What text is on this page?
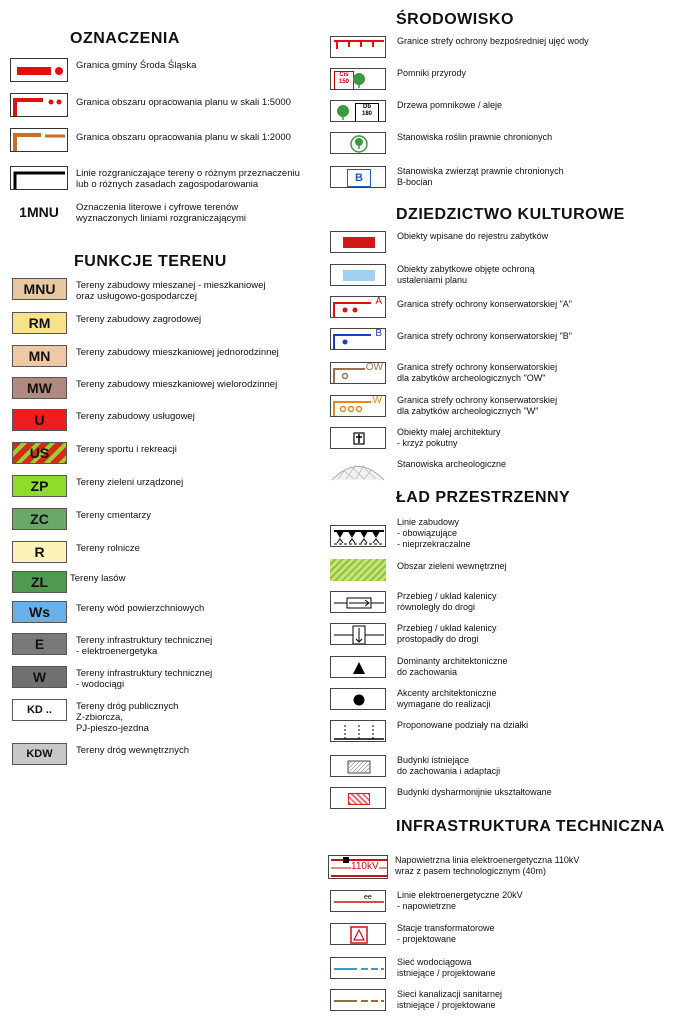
OZNACZENIA
Granica gminy Środa Śląska
Granica obszaru opracowania planu w skali 1:5000
Granica obszaru opracowania planu w skali 1:2000
Linie rozgraniczające tereny o różnym przeznaczeniu
lub o różnych zasadach zagospodarowania
1MNU	Oznaczenia literowe i cyfrowe terenów
wyznaczonych liniami rozgraniczającymi
FUNKCJE TERENU
MNU	Tereny zabudowy mieszanej - mieszkaniowej
oraz usługowo-gospodarczej
RM	Tereny zabudowy zagrodowej
MN	Tereny zabudowy mieszkaniowej jednorodzinnej
MW	Tereny zabudowy mieszkaniowej wielorodzinnej
U	Tereny zabudowy usługowej
US	Tereny sportu i rekreacji
ZP	Tereny zieleni urządzonej
ZC	Tereny cmentarzy
R	Tereny rolnicze
ZL	Tereny lasów
Ws	Tereny wód powierzchniowych
E	Tereny infrastruktury technicznej
- elektroenergetyka
W	Tereny infrastruktury technicznej
- wodociągi
KD ..	Tereny dróg publicznych
Z-zbiorcza,
PJ-pieszo-jezdna
KDW	Tereny dróg wewnętrznych
ŚRODOWISKO
Granice strefy ochrony bezpośredniej ujęć wody
Cis
150
Pomniki przyrody
Db
180
Drzewa pomnikowe / aleje
Stanowiska roślin prawnie chronionych
B
Stanowiska zwierząt prawnie chronionych
B-bocian
DZIEDZICTWO KULTUROWE
Obiekty wpisane do rejestru zabytków
Obiekty zabytkowe objęte ochroną
ustaleniami planu
A Granica strefy ochrony konserwatorskiej "A"
B Granica strefy ochrony konserwatorskiej "B"
OW Granica strefy ochrony konserwatorskiej
dla zabytków archeologicznych "OW"
W Granica strefy ochrony konserwatorskiej
dla zabytków archeologicznych "W"
Obiekty małej architektury
- krzyż pokutny
Stanowiska archeologiczne
ŁAD PRZESTRZENNY
Linie zabudowy
- obowiązujące
- nieprzekraczalne
Obszar zieleni wewnętrznej
Przebieg / układ kalenicy
równoległy do drogi
Przebieg / układ kalenicy
prostopadły do drogi
Dominanty architektoniczne
do zachowania
Akcenty architektoniczne
wymagane do realizacji
Proponowane podziały na działki
Budynki istniejące
do zachowania i adaptacji
Budynki dysharmonijnie ukształtowane
INFRASTRUKTURA TECHNICZNA
110kV
Napowietrzna linia elektroenergetyczna 110kV
wraz z pasem technologicznym (40m)
ee	Linie elektroenergetyczne 20kV
- napowietrzne
Stacje transformatorowe
- projektowane
Sieć wodociągowa
istniejące / projektowane
Sieci kanalizacji sanitarnej
istniejące / projektowane
